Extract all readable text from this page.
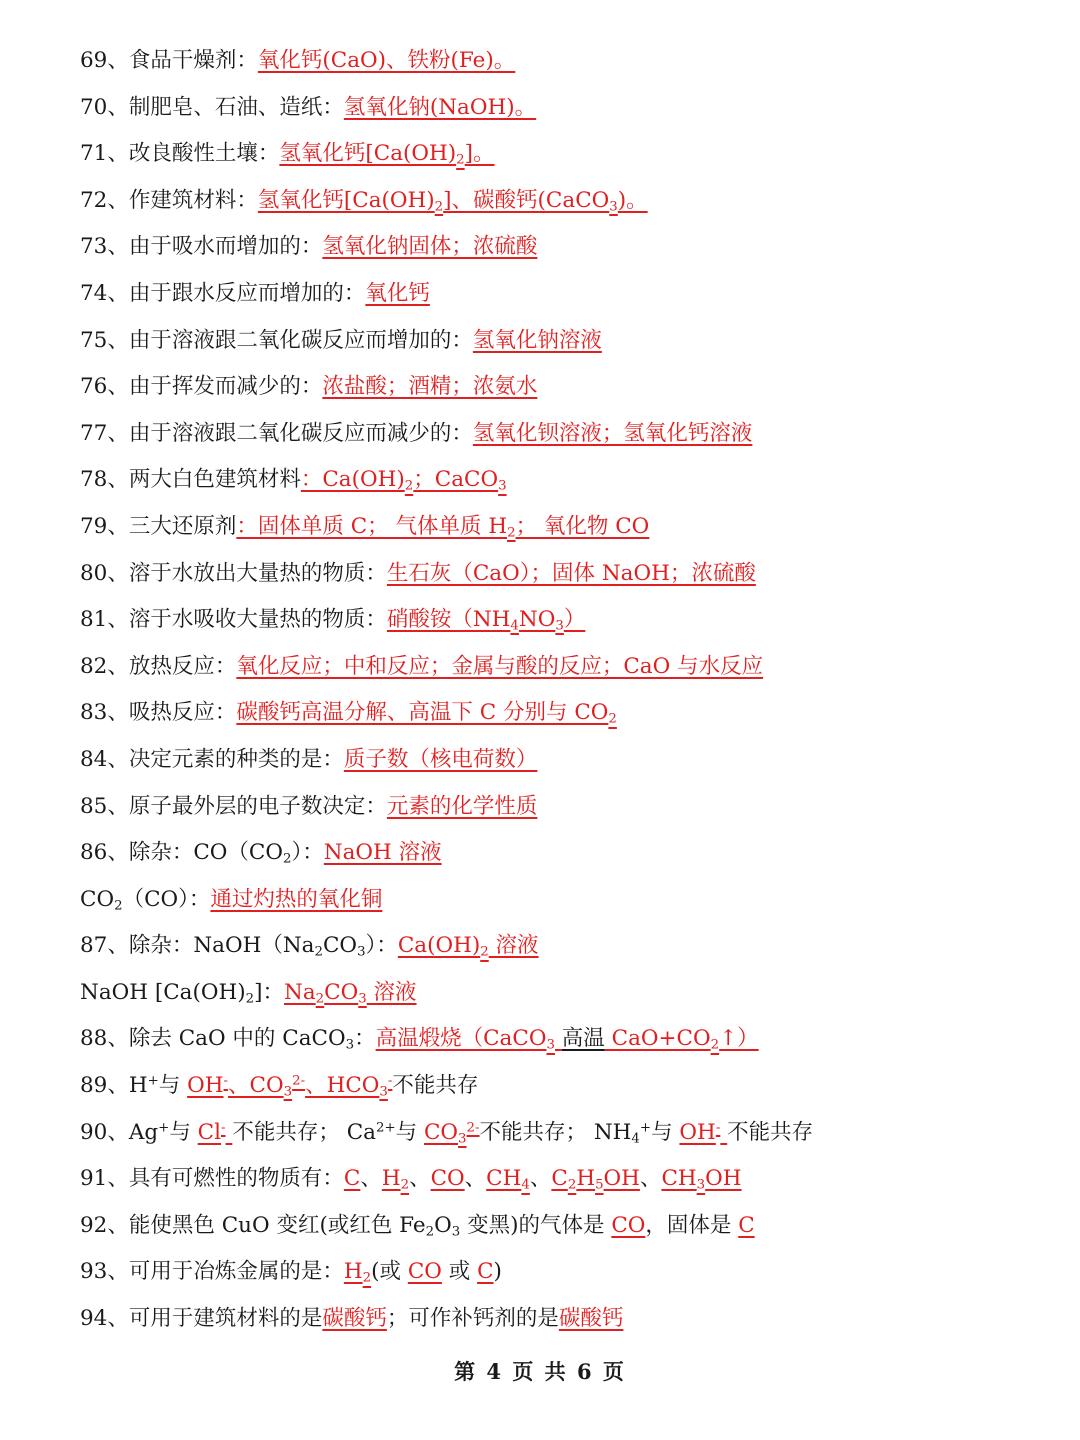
69、食品干燥剂：氧化钙(CaO)、铁粉(Fe)。
70、制肥皂、石油、造纸：氢氧化钠(NaOH)。
71、改良酸性土壤：氢氧化钙$[Ca(OH)_2]$。
72、作建筑材料：氢氧化钙$[Ca(OH)_2]$、碳酸钙(CaCO$_3$)。
73、由于吸水而增加的：氢氧化钠固体；浓硫酸
74、由于跟水反应而增加的：氧化钙
75、由于溶液跟二氧化碳反应而增加的：氢氧化钠溶液
76、由于挥发而减少的：浓盐酸；酒精；浓氨水
77、由于溶液跟二氧化碳反应而减少的：氢氧化钡溶液；氢氧化钙溶液
78、两大白色建筑材料：$Ca(OH)_2$；CaCO$_3$
79、三大还原剂：固体单质 C； 气体单质 $H_2$； 氧化物 CO
80、溶于水放出大量热的物质：生石灰（CaO）；固体 NaOH；浓硫酸
81、溶于水吸收大量热的物质：硝酸铵$(NH_4NO_3)$
82、放热反应：氧化反应；中和反应；金属与酸的反应；CaO 与水反应
83、吸热反应：碳酸钙高温分解、高温下 C 分别与 $CO_2$
84、决定元素的种类的是：质子数（核电荷数）
85、原子最外层的电子数决定：元素的化学性质
86、除杂：$CO(CO_2)$：NaOH 溶液
$CO_2(CO)$：通过灼热的氧化铜
87、除杂：$NaOH(Na_2CO_3)$：$Ca(OH)_2$ 溶液
NaOH $[Ca(OH)_2]$：$Na_2CO_3$ 溶液
88、除去 CaO 中的 CaCO$_3$：高温煅烧（CaCO$_3$ 高温 $CaO+CO_2↑$）
89、H+与 OH-、$CO_3^{2-}$、$HCO_3^-$不能共存
90、Ag+与 Cl- 不能共存； $Ca^{2+}$与 $CO_3^{2-}$不能共存； $NH_4^+$与 OH- 不能共存
91、具有可燃性的物质有：C、$H_2$、CO、$CH_4$、$C_2H_5OH$、$CH_3OH$
92、能使黑色 CuO 变红(或红色 $Fe_2O_3$ 变黑)的气体是 CO，固体是 C
93、可用于冶炼金属的是：$H_2$(或 CO 或 C)
94、可用于建筑材料的是碳酸钙；可作补钙剂的是碳酸钙
第 4 页 共 6 页
